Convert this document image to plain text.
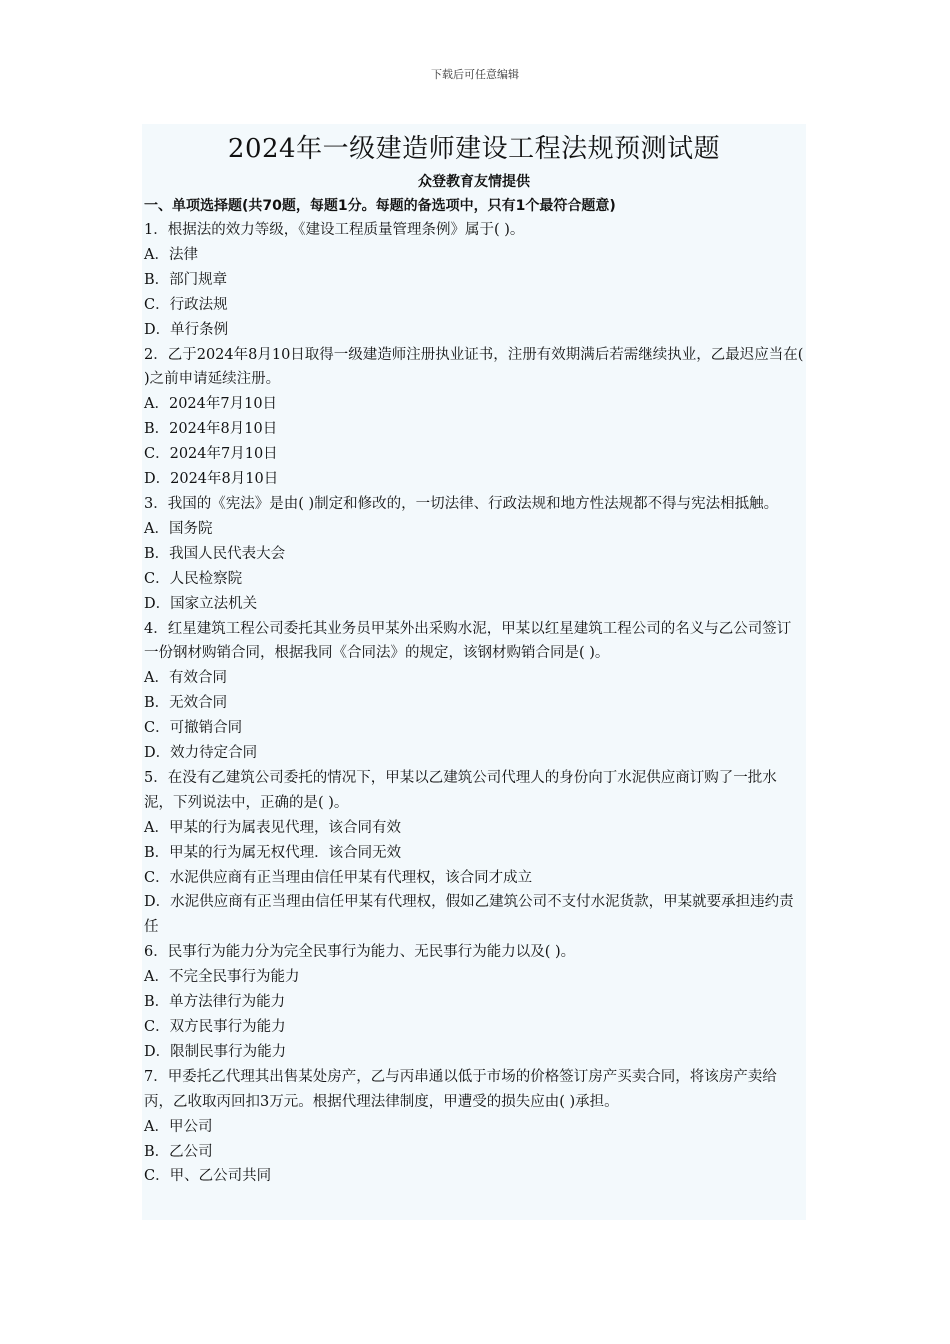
下载后可任意编辑
2024年一级建造师建设工程法规预测试题
众登教育友情提供
一、单项选择题(共70题，每题1分。每题的备选项中，只有1个最符合题意)
1．根据法的效力等级，《建设工程质量管理条例》属于( )。
A．法律
B．部门规章
C．行政法规
D．单行条例
2．乙于2024年8月10日取得一级建造师注册执业证书，注册有效期满后若需继续执业，乙最迟应当在( )之前申请延续注册。
A．2024年7月10日
B．2024年8月10日
C．2024年7月10日
D．2024年8月10日
3．我国的《宪法》是由( )制定和修改的，一切法律、行政法规和地方性法规都不得与宪法相抵触。
A．国务院
B．我国人民代表大会
C．人民检察院
D．国家立法机关
4．红星建筑工程公司委托其业务员甲某外出采购水泥，甲某以红星建筑工程公司的名义与乙公司签订一份钢材购销合同，根据我同《合同法》的规定，该钢材购销合同是( )。
A．有效合同
B．无效合同
C．可撤销合同
D．效力待定合同
5．在没有乙建筑公司委托的情况下，甲某以乙建筑公司代理人的身份向丁水泥供应商订购了一批水泥，下列说法中，正确的是( )。
A．甲某的行为属表见代理，该合同有效
B．甲某的行为属无权代理．该合同无效
C．水泥供应商有正当理由信任甲某有代理权，该合同才成立
D．水泥供应商有正当理由信任甲某有代理权，假如乙建筑公司不支付水泥货款，甲某就要承担违约责任
6．民事行为能力分为完全民事行为能力、无民事行为能力以及( )。
A．不完全民事行为能力
B．单方法律行为能力
C．双方民事行为能力
D．限制民事行为能力
7．甲委托乙代理其出售某处房产，乙与丙串通以低于市场的价格签订房产买卖合同，将该房产卖给丙，乙收取丙回扣3万元。根据代理法律制度，甲遭受的损失应由( )承担。
A．甲公司
B．乙公司
C．甲、乙公司共同
